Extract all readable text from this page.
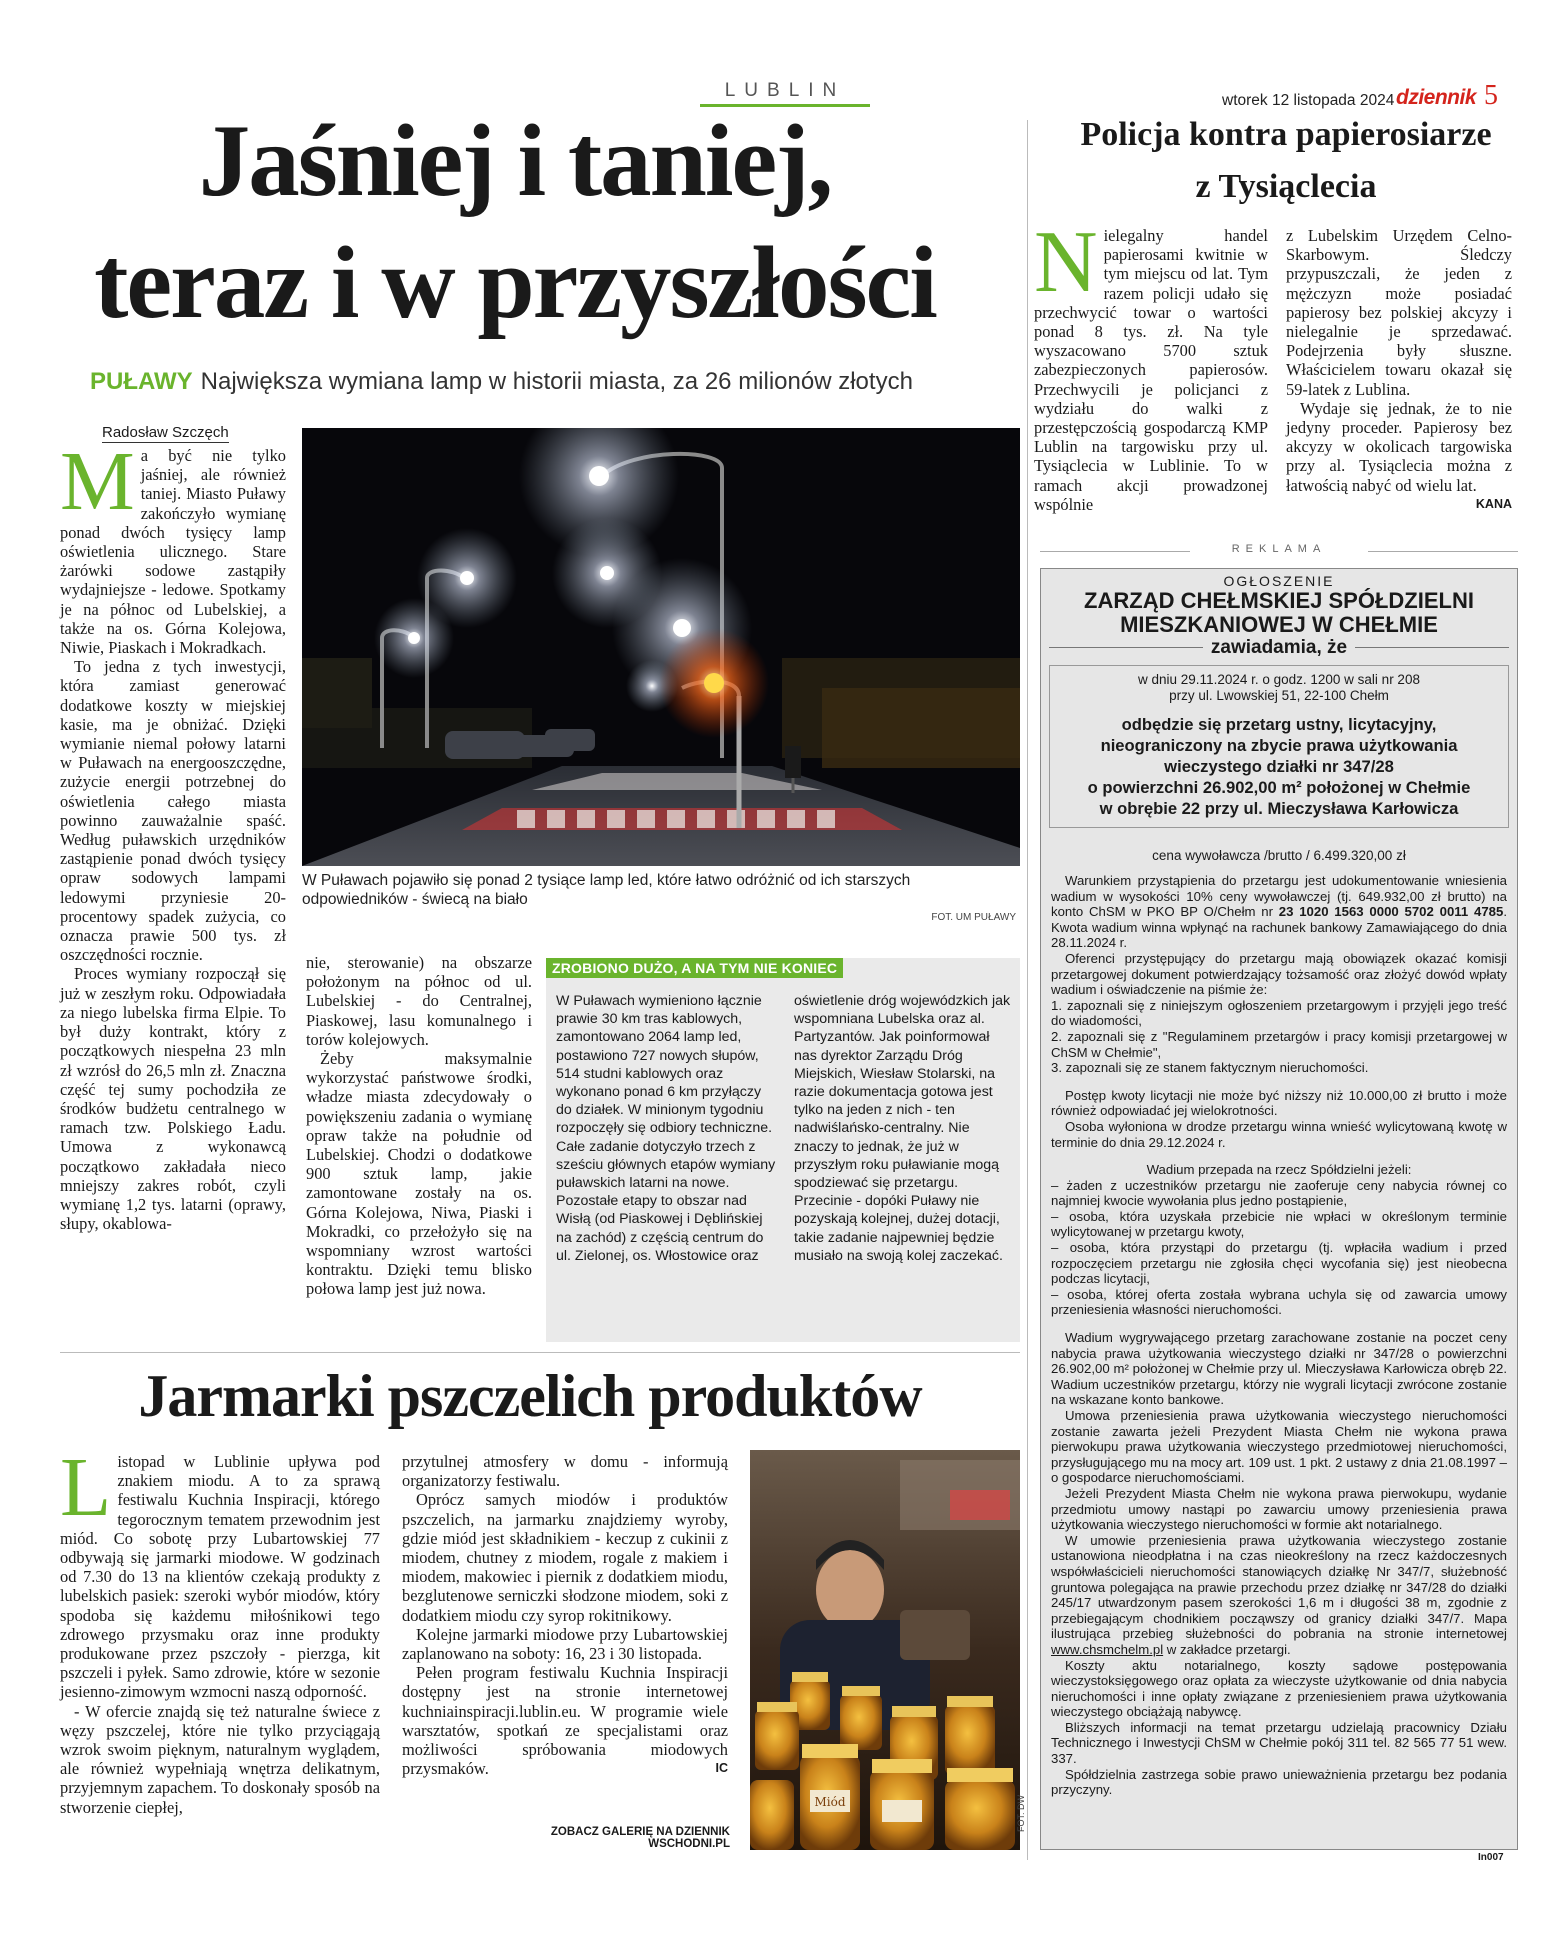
LUBLIN	wtorek 12 listopada 2024 dziennik 5
Jaśniej i taniej,
teraz i w przyszłości
PUŁAWY Największa wymiana lamp w historii miasta, za 26 milionów złotych
Radosław Szczęch

Ma być nie tylko jaśniej, ale również taniej. Miasto Puławy zakończyło wymianę ponad dwóch tysięcy lamp oświetlenia ulicznego. Stare żarówki sodowe zastąpiły wydajniejsze - ledowe. Spotkamy je na północ od Lubelskiej, a także na os. Górna Kolejowa, Niwie, Piaskach i Mokradkach.

To jedna z tych inwestycji, która zamiast generować dodatkowe koszty w miejskiej kasie, ma je obniżać. Dzięki wymianie niemal połowy latarni w Puławach na energooszczędne, zużycie energii potrzebnej do oświetlenia całego miasta powinno zauważalnie spaść. Według puławskich urzędników zastąpienie ponad dwóch tysięcy opraw sodowych lampami ledowymi przyniesie 20-procentowy spadek zużycia, co oznacza prawie 500 tys. zł oszczędności rocznie.

Proces wymiany rozpoczął się już w zeszłym roku. Odpowiadała za niego lubelska firma Elpie. To był duży kontrakt, który z początkowych niespełna 23 mln zł wzrósł do 26,5 mln zł. Znaczna część tej sumy pochodziła ze środków budżetu centralnego w ramach tzw. Polskiego Ładu. Umowa z wykonawcą początkowo zakładała nieco mniejszy zakres robót, czyli wymianę 1,2 tys. latarni (oprawy, słupy, okablowa-

W Puławach pojawiło się ponad 2 tysiące lamp led, które łatwo odróżnić od ich starszych odpowiedników - świecą na biało
FOT. UM PUŁAWY

nie, sterowanie) na obszarze położonym na północ od ul. Lubelskiej - do Centralnej, Piaskowej, lasu komunalnego i torów kolejowych.

Żeby maksymalnie wykorzystać państwowe środki, władze miasta zdecydowały o powiększeniu zadania o wymianę opraw także na południe od Lubelskiej. Chodzi o dodatkowe 900 sztuk lamp, jakie zamontowane zostały na os. Górna Kolejowa, Niwa, Piaski i Mokradki, co przełożyło się na wspomniany wzrost wartości kontraktu. Dzięki temu blisko połowa lamp jest już nowa.

ZROBIONO DUŻO, A NA TYM NIE KONIEC

W Puławach wymieniono łącznie prawie 30 km tras kablowych, zamontowano 2064 lamp led, postawiono 727 nowych słupów, 514 studni kablowych oraz wykonano ponad 6 km przyłączy do działek. W minionym tygodniu rozpoczęły się odbiory techniczne. Całe zadanie dotyczyło trzech z sześciu głównych etapów wymiany puławskich latarni na nowe. Pozostałe etapy to obszar nad Wisłą (od Piaskowej i Dęblińskiej na zachód) z częścią centrum do ul. Zielonej, os. Włostowice oraz

oświetlenie dróg wojewódzkich jak wspomniana Lubelska oraz al. Partyzantów. Jak poinformował nas dyrektor Zarządu Dróg Miejskich, Wiesław Stolarski, na razie dokumentacja gotowa jest tylko na jeden z nich - ten nadwiślańsko-centralny. Nie znaczy to jednak, że już w przyszłym roku puławianie mogą spodziewać się przetargu. Przecinie - dopóki Puławy nie pozyskają kolejnej, dużej dotacji, takie zadanie najpewniej będzie musiało na swoją kolej zaczekać.

Policja kontra papierosiarze
z Tysiąclecia

Nielegalny handel papierosami kwitnie w tym miejscu od lat. Tym razem policji udało się przechwycić towar o wartości ponad 8 tys. zł. Na tyle wyszacowano 5700 sztuk zabezpieczonych papierosów. Przechwycili je policjanci z wydziału do walki z przestępczością gospodarczą KMP Lublin na targowisku przy ul. Tysiąclecia w Lublinie. To w ramach akcji prowadzonej wspólnie

z Lubelskim Urzędem Celno-Skarbowym. Śledczy przypuszczali, że jeden z mężczyzn może posiadać papierosy bez polskiej akcyzy i nielegalnie je sprzedawać. Podejrzenia były słuszne. Właścicielem towaru okazał się 59-latek z Lublina.

Wydaje się jednak, że to nie jedyny proceder. Papierosy bez akcyzy w okolicach targowiska przy al. Tysiąclecia można z łatwością nabyć od wielu lat.
KANA

REKLAMA
OGŁOSZENIE
ZARZĄD CHEŁMSKIEJ SPÓŁDZIELNI
MIESZKANIOWEJ W CHEŁMIE
zawiadamia, że
w dniu 29.11.2024 r. o godz. 1200 w sali nr 208
przy ul. Lwowskiej 51, 22-100 Chełm
odbędzie się przetarg ustny, licytacyjny,
nieograniczony na zbycie prawa użytkowania
wieczystego działki nr 347/28
o powierzchni 26.902,00 m² położonej w Chełmie
w obrębie 22 przy ul. Mieczysława Karłowicza
cena wywoławcza /brutto / 6.499.320,00 zł

Warunkiem przystąpienia do przetargu jest udokumentowanie wniesienia wadium w wysokości 10% ceny wywoławczej (tj. 649.932,00 zł brutto) na konto ChSM w PKO BP O/Chełm nr 23 1020 1563 0000 5702 0011 4785. Kwota wadium winna wpłynąć na rachunek bankowy Zamawiającego do dnia 28.11.2024 r.

Oferenci przystępujący do przetargu mają obowiązek okazać komisji przetargowej dokument potwierdzający tożsamość oraz złożyć dowód wpłaty wadium i oświadczenie na piśmie że:

1. zapoznali się z niniejszym ogłoszeniem przetargowym i przyjęli jego treść do wiadomości,

2. zapoznali się z "Regulaminem przetargów i pracy komisji przetargowej w ChSM w Chełmie",

3. zapoznali się ze stanem faktycznym nieruchomości.

Postęp kwoty licytacji nie może być niższy niż 10.000,00 zł brutto i może również odpowiadać jej wielokrotności.

Osoba wyłoniona w drodze przetargu winna wnieść wylicytowaną kwotę w terminie do dnia 29.12.2024 r.

Wadium przepada na rzecz Spółdzielni jeżeli:

– żaden z uczestników przetargu nie zaoferuje ceny nabycia równej co najmniej kwocie wywołania plus jedno postąpienie,

– osoba, która uzyskała przebicie nie wpłaci w określonym terminie wylicytowanej w przetargu kwoty,

– osoba, która przystąpi do przetargu (tj. wpłaciła wadium i przed rozpoczęciem przetargu nie zgłosiła chęci wycofania się) jest nieobecna podczas licytacji,

– osoba, której oferta została wybrana uchyla się od zawarcia umowy przeniesienia własności nieruchomości.

Wadium wygrywającego przetarg zarachowane zostanie na poczet ceny nabycia prawa użytkowania wieczystego działki nr 347/28 o powierzchni 26.902,00 m² położonej w Chełmie przy ul. Mieczysława Karłowicza obręb 22. Wadium uczestników przetargu, którzy nie wygrali licytacji zwrócone zostanie na wskazane konto bankowe.

Umowa przeniesienia prawa użytkowania wieczystego nieruchomości zostanie zawarta jeżeli Prezydent Miasta Chełm nie wykona prawa pierwokupu prawa użytkowania wieczystego przedmiotowej nieruchomości, przysługującego mu na mocy art. 109 ust. 1 pkt. 2 ustawy z dnia 21.08.1997 – o gospodarce nieruchomościami.

Jeżeli Prezydent Miasta Chełm nie wykona prawa pierwokupu, wydanie przedmiotu umowy nastąpi po zawarciu umowy przeniesienia prawa użytkowania wieczystego nieruchomości w formie akt notarialnego.

W umowie przeniesienia prawa użytkowania wieczystego zostanie ustanowiona nieodpłatna i na czas nieokreślony na rzecz każdoczesnych współwłaścicieli nieruchomości stanowiących działkę Nr 347/7, służebność gruntowa polegająca na prawie przechodu przez działkę nr 347/28 do działki 245/17 utwardzonym pasem szerokości 1,6 m i długości 38 m, zgodnie z przebiegającym chodnikiem począwszy od granicy działki 347/7. Mapa ilustrująca przebieg służebności do pobrania na stronie internetowej www.chsmchelm.pl w zakładce przetargi.

Koszty aktu notarialnego, koszty sądowe postępowania wieczystoksięgowego oraz opłata za wieczyste użytkowanie od dnia nabycia nieruchomości i inne opłaty związane z przeniesieniem prawa użytkowania wieczystego obciążają nabywcę.

Bliższych informacji na temat przetargu udzielają pracownicy Działu Technicznego i Inwestycji ChSM w Chełmie pokój 311 tel. 82 565 77 51 wew. 337.

Spółdzielnia zastrzega sobie prawo unieważnienia przetargu bez podania przyczyny.

In007
Jarmarki pszczelich produktów

Listopad w Lublinie upływa pod znakiem miodu. A to za sprawą festiwalu Kuchnia Inspiracji, którego tegorocznym tematem przewodnim jest miód. Co sobotę przy Lubartowskiej 77 odbywają się jarmarki miodowe. W godzinach od 7.30 do 13 na klientów czekają produkty z lubelskich pasiek: szeroki wybór miodów, który spodoba się każdemu miłośnikowi tego zdrowego przysmaku oraz inne produkty produkowane przez pszczoły - pierzga, kit pszczeli i pyłek. Samo zdrowie, które w sezonie jesienno-zimowym wzmocni naszą odporność.

- W ofercie znajdą się też naturalne świece z węzy pszczelej, które nie tylko przyciągają wzrok swoim pięknym, naturalnym wyglądem, ale również wypełniają wnętrza delikatnym, przyjemnym zapachem. To doskonały sposób na stworzenie ciepłej,

przytulnej atmosfery w domu - informują organizatorzy festiwalu.

Oprócz samych miodów i produktów pszczelich, na jarmarku znajdziemy wyroby, gdzie miód jest składnikiem - keczup z cukinii z miodem, chutney z miodem, rogale z makiem i miodem, makowiec i piernik z dodatkiem miodu, bezglutenowe serniczki słodzone miodem, soki z dodatkiem miodu czy syrop rokitnikowy.

Kolejne jarmarki miodowe przy Lubartowskiej zaplanowano na soboty: 16, 23 i 30 listopada.

Pełen program festiwalu Kuchnia Inspiracji dostępny jest na stronie internetowej kuchniainspiracji.lublin.eu. W programie wiele warsztatów, spotkań ze specjalistami oraz możliwości spróbowania miodowych przysmaków.	IC

ZOBACZ GALERIĘ NA DZIENNIK WSCHODNI.PL
Miód	FOT. DW
